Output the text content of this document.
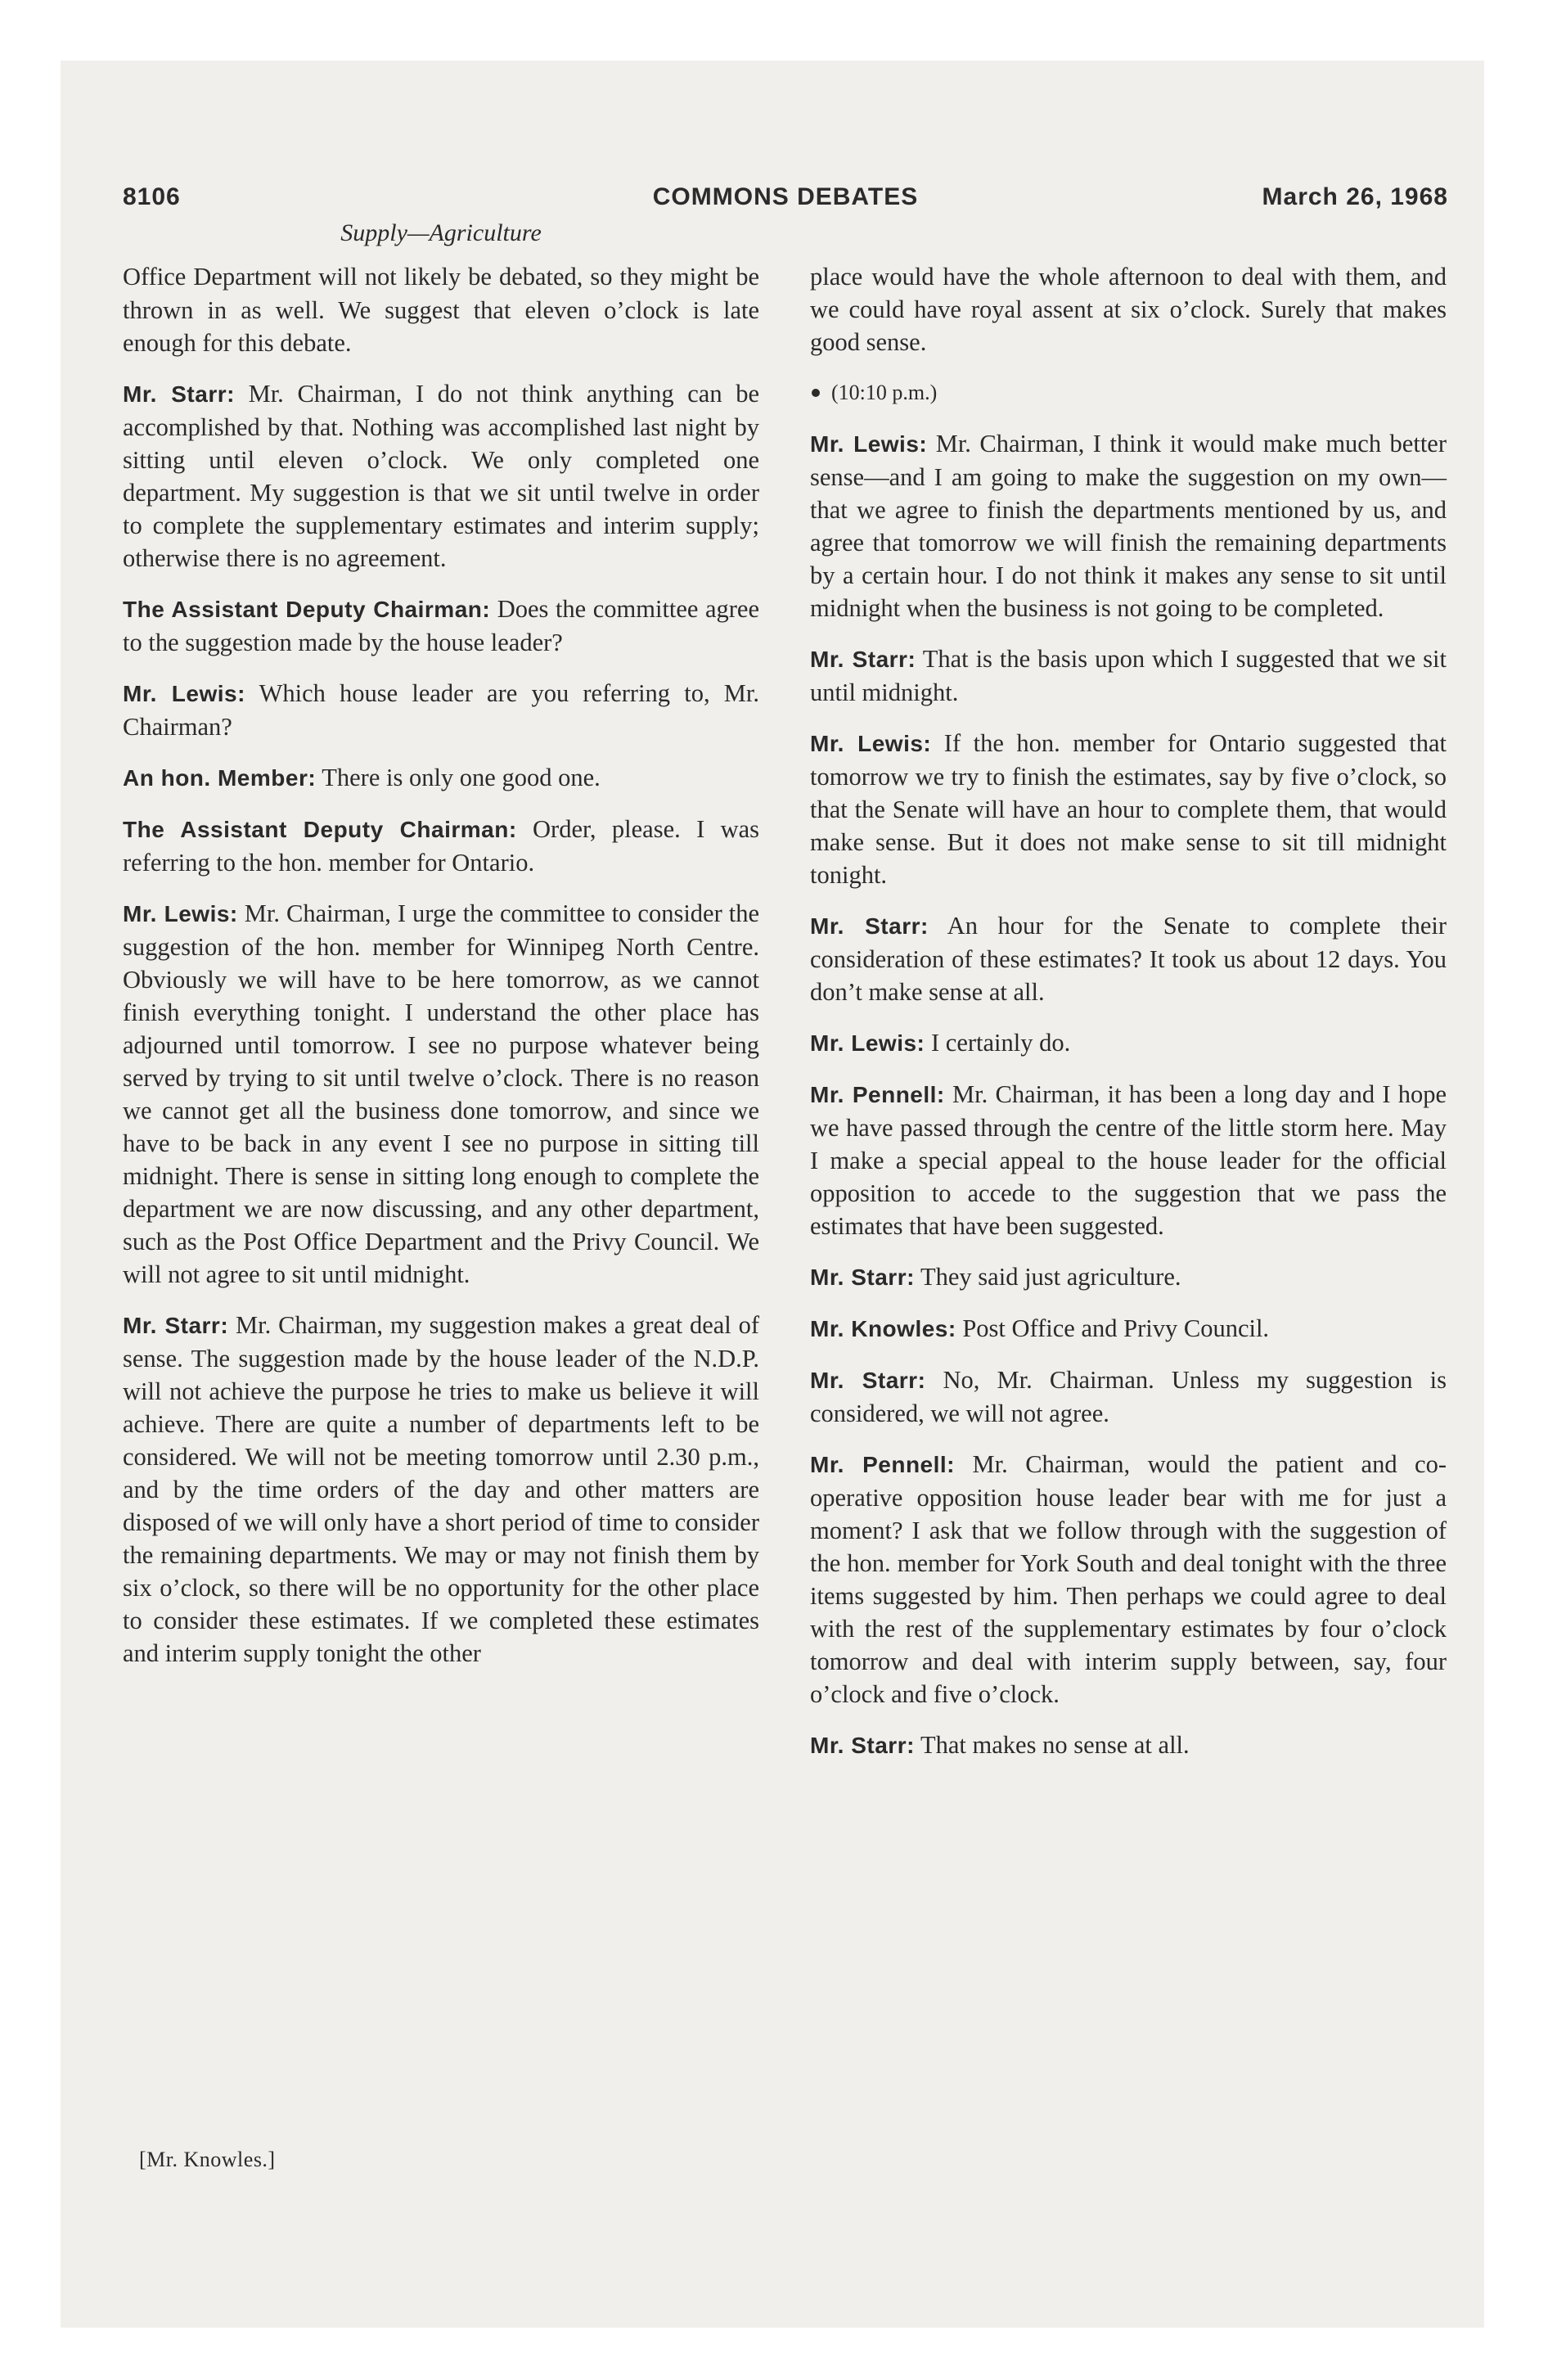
8106	COMMONS DEBATES	March 26, 1968
Supply—Agriculture

Office Department will not likely be debated, so they might be thrown in as well. We suggest that eleven o’clock is late enough for this debate.

Mr. Starr: Mr. Chairman, I do not think anything can be accomplished by that. Nothing was accomplished last night by sitting until eleven o’clock. We only completed one department. My suggestion is that we sit until twelve in order to complete the supplementary estimates and interim supply; otherwise there is no agreement.

The Assistant Deputy Chairman: Does the committee agree to the suggestion made by the house leader?

Mr. Lewis: Which house leader are you referring to, Mr. Chairman?

An hon. Member: There is only one good one.

The Assistant Deputy Chairman: Order, please. I was referring to the hon. member for Ontario.

Mr. Lewis: Mr. Chairman, I urge the committee to consider the suggestion of the hon. member for Winnipeg North Centre. Obviously we will have to be here tomorrow, as we cannot finish everything tonight. I understand the other place has adjourned until tomorrow. I see no purpose whatever being served by trying to sit until twelve o’clock. There is no reason we cannot get all the business done tomorrow, and since we have to be back in any event I see no purpose in sitting till midnight. There is sense in sitting long enough to complete the department we are now discussing, and any other department, such as the Post Office Department and the Privy Council. We will not agree to sit until midnight.

Mr. Starr: Mr. Chairman, my suggestion makes a great deal of sense. The suggestion made by the house leader of the N.D.P. will not achieve the purpose he tries to make us believe it will achieve. There are quite a number of departments left to be considered. We will not be meeting tomorrow until 2.30 p.m., and by the time orders of the day and other matters are disposed of we will only have a short period of time to consider the remaining departments. We may or may not finish them by six o’clock, so there will be no opportunity for the other place to consider these estimates. If we completed these estimates and interim supply tonight the other

place would have the whole afternoon to deal with them, and we could have royal assent at six o’clock. Surely that makes good sense.

(10:10 p.m.)

Mr. Lewis: Mr. Chairman, I think it would make much better sense—and I am going to make the suggestion on my own—that we agree to finish the departments mentioned by us, and agree that tomorrow we will finish the remaining departments by a certain hour. I do not think it makes any sense to sit until midnight when the business is not going to be completed.

Mr. Starr: That is the basis upon which I suggested that we sit until midnight.

Mr. Lewis: If the hon. member for Ontario suggested that tomorrow we try to finish the estimates, say by five o’clock, so that the Senate will have an hour to complete them, that would make sense. But it does not make sense to sit till midnight tonight.

Mr. Starr: An hour for the Senate to complete their consideration of these estimates? It took us about 12 days. You don’t make sense at all.

Mr. Lewis: I certainly do.

Mr. Pennell: Mr. Chairman, it has been a long day and I hope we have passed through the centre of the little storm here. May I make a special appeal to the house leader for the official opposition to accede to the suggestion that we pass the estimates that have been suggested.

Mr. Starr: They said just agriculture.

Mr. Knowles: Post Office and Privy Council.

Mr. Starr: No, Mr. Chairman. Unless my suggestion is considered, we will not agree.

Mr. Pennell: Mr. Chairman, would the patient and co-operative opposition house leader bear with me for just a moment? I ask that we follow through with the suggestion of the hon. member for York South and deal tonight with the three items suggested by him. Then perhaps we could agree to deal with the rest of the supplementary estimates by four o’clock tomorrow and deal with interim supply between, say, four o’clock and five o’clock.

Mr. Starr: That makes no sense at all.

[Mr. Knowles.]
